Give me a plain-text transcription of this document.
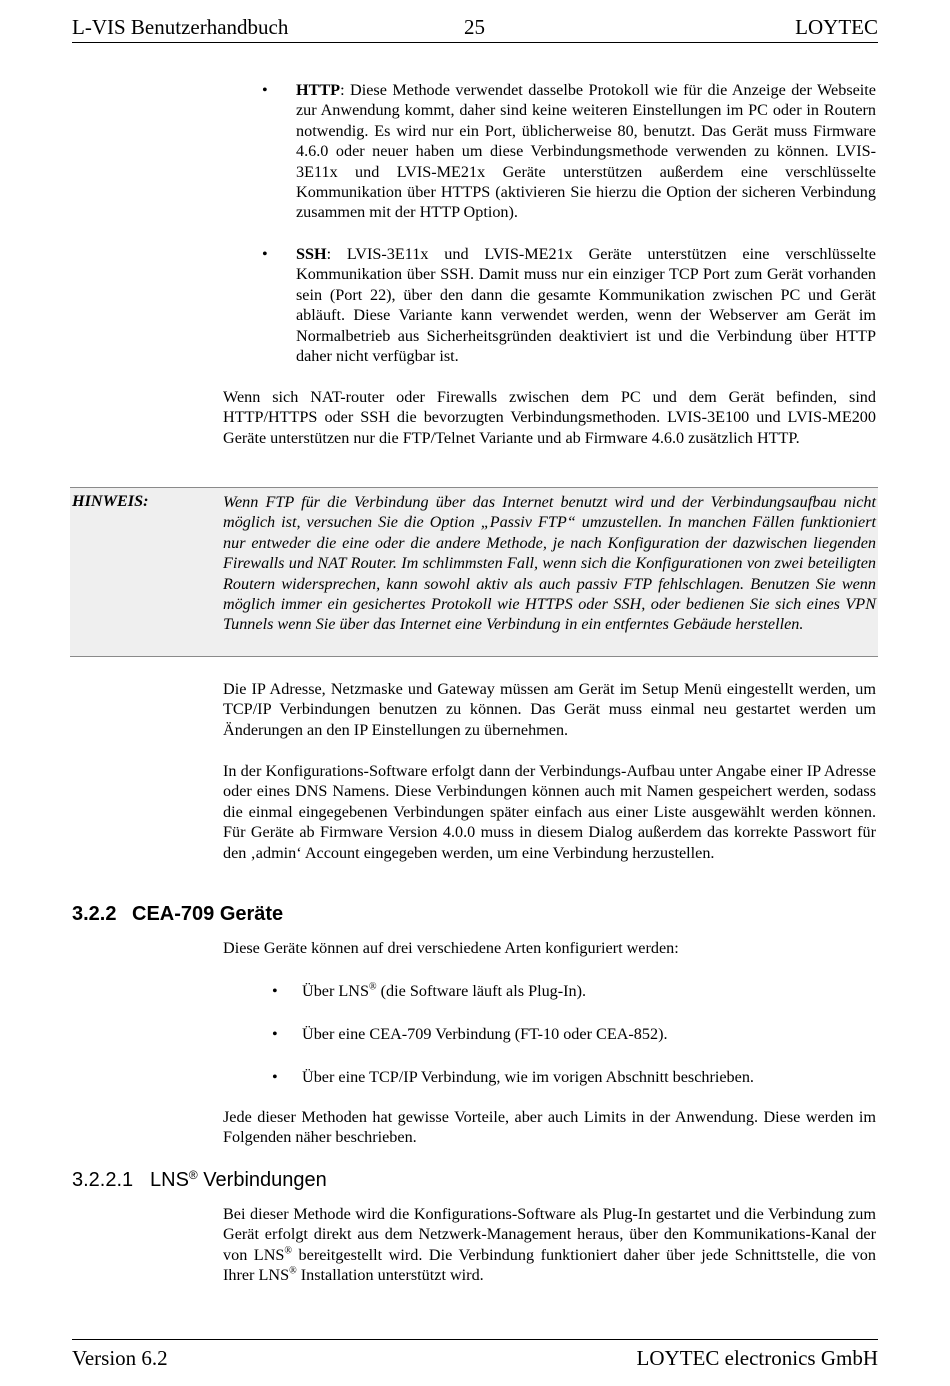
L-VIS Benutzerhandbuch	25	LOYTEC
• HTTP: Diese Methode verwendet dasselbe Protokoll wie für die Anzeige der Webseite zur Anwendung kommt, daher sind keine weiteren Einstellungen im PC oder in Routern notwendig. Es wird nur ein Port, üblicherweise 80, benutzt. Das Gerät muss Firmware 4.6.0 oder neuer haben um diese Verbindungsmethode verwenden zu können. LVIS-3E11x und LVIS-ME21x Geräte unterstützen außerdem eine verschlüsselte Kommunikation über HTTPS (aktivieren Sie hierzu die Option der sicheren Verbindung zusammen mit der HTTP Option).
• SSH: LVIS-3E11x und LVIS-ME21x Geräte unterstützen eine verschlüsselte Kommunikation über SSH. Damit muss nur ein einziger TCP Port zum Gerät vorhanden sein (Port 22), über den dann die gesamte Kommunikation zwischen PC und Gerät abläuft. Diese Variante kann verwendet werden, wenn der Webserver am Gerät im Normalbetrieb aus Sicherheitsgründen deaktiviert ist und die Verbindung über HTTP daher nicht verfügbar ist.

Wenn sich NAT-router oder Firewalls zwischen dem PC und dem Gerät befinden, sind HTTP/HTTPS oder SSH die bevorzugten Verbindungsmethoden. LVIS-3E100 und LVIS-ME200 Geräte unterstützen nur die FTP/Telnet Variante und ab Firmware 4.6.0 zusätzlich HTTP.

HINWEIS:	Wenn FTP für die Verbindung über das Internet benutzt wird und der Verbindungsaufbau nicht möglich ist, versuchen Sie die Option „Passiv FTP“ umzustellen. In manchen Fällen funktioniert nur entweder die eine oder die andere Methode, je nach Konfiguration der dazwischen liegenden Firewalls und NAT Router. Im schlimmsten Fall, wenn sich die Konfigurationen von zwei beteiligten Routern widersprechen, kann sowohl aktiv als auch passiv FTP fehlschlagen. Benutzen Sie wenn möglich immer ein gesichertes Protokoll wie HTTPS oder SSH, oder bedienen Sie sich eines VPN Tunnels wenn Sie über das Internet eine Verbindung in ein entferntes Gebäude herstellen.

Die IP Adresse, Netzmaske und Gateway müssen am Gerät im Setup Menü eingestellt werden, um TCP/IP Verbindungen benutzen zu können. Das Gerät muss einmal neu gestartet werden um Änderungen an den IP Einstellungen zu übernehmen.

In der Konfigurations-Software erfolgt dann der Verbindungs-Aufbau unter Angabe einer IP Adresse oder eines DNS Namens. Diese Verbindungen können auch mit Namen gespeichert werden, sodass die einmal eingegebenen Verbindungen später einfach aus einer Liste ausgewählt werden können. Für Geräte ab Firmware Version 4.0.0 muss in diesem Dialog außerdem das korrekte Passwort für den ‚admin‘ Account eingegeben werden, um eine Verbindung herzustellen.

3.2.2 CEA-709 Geräte

Diese Geräte können auf drei verschiedene Arten konfiguriert werden:

• Über LNS® (die Software läuft als Plug-In).
• Über eine CEA-709 Verbindung (FT-10 oder CEA-852).
• Über eine TCP/IP Verbindung, wie im vorigen Abschnitt beschrieben.

Jede dieser Methoden hat gewisse Vorteile, aber auch Limits in der Anwendung. Diese werden im Folgenden näher beschrieben.

3.2.2.1 LNS® Verbindungen

Bei dieser Methode wird die Konfigurations-Software als Plug-In gestartet und die Verbindung zum Gerät erfolgt direkt aus dem Netzwerk-Management heraus, über den Kommunikations-Kanal der von LNS® bereitgestellt wird. Die Verbindung funktioniert daher über jede Schnittstelle, die von Ihrer LNS® Installation unterstützt wird.

Version 6.2	LOYTEC electronics GmbH
